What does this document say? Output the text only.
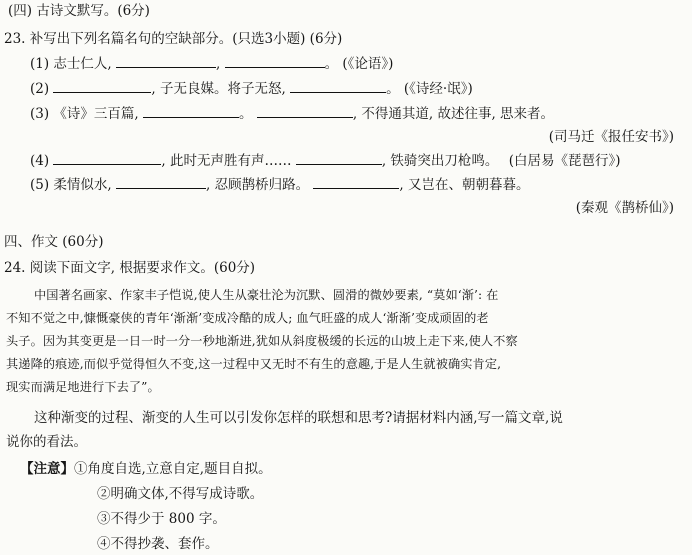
(四) 古诗文默写。(6分)
23. 补写出下列名篇名句的空缺部分。(只选3小题) (6分)
(1) 志士仁人,	,	。 (《论语》)
(2)	, 子无良媒。将子无怒,	。 (《诗经·氓》)
(3) 《诗》三百篇,	。	, 不得通其道, 故述往事, 思来者。
(司马迁《报任安书》)
(4)	, 此时无声胜有声……	, 铁骑突出刀枪鸣。 (白居易《琵琶行》)
(5) 柔情似水,	, 忍顾鹊桥归路。	, 又岂在、朝朝暮暮。
(秦观《鹊桥仙》)
四、作文 (60分)
24. 阅读下面文字, 根据要求作文。(60分)
中国著名画家、作家丰子恺说,使人生从豪壮沦为沉默、圆滑的微妙要素, “莫如‘渐’: 在
不知不觉之中,慷慨豪侠的青年‘渐渐’变成冷酷的成人; 血气旺盛的成人‘渐渐’变成顽固的老
头子。因为其变更是一日一时一分一秒地渐进,犹如从斜度极缓的长远的山坡上走下来,使人不察
其递降的痕迹,而似乎觉得恒久不变,这一过程中又无时不有生的意趣,于是人生就被确实肯定,
现实而满足地进行下去了”。
这种渐变的过程、渐变的人生可以引发你怎样的联想和思考?请据材料内涵,写一篇文章,说
说你的看法。
【注意】①角度自选,立意自定,题目自拟。
②明确文体,不得写成诗歌。
③不得少于 800 字。
④不得抄袭、套作。
